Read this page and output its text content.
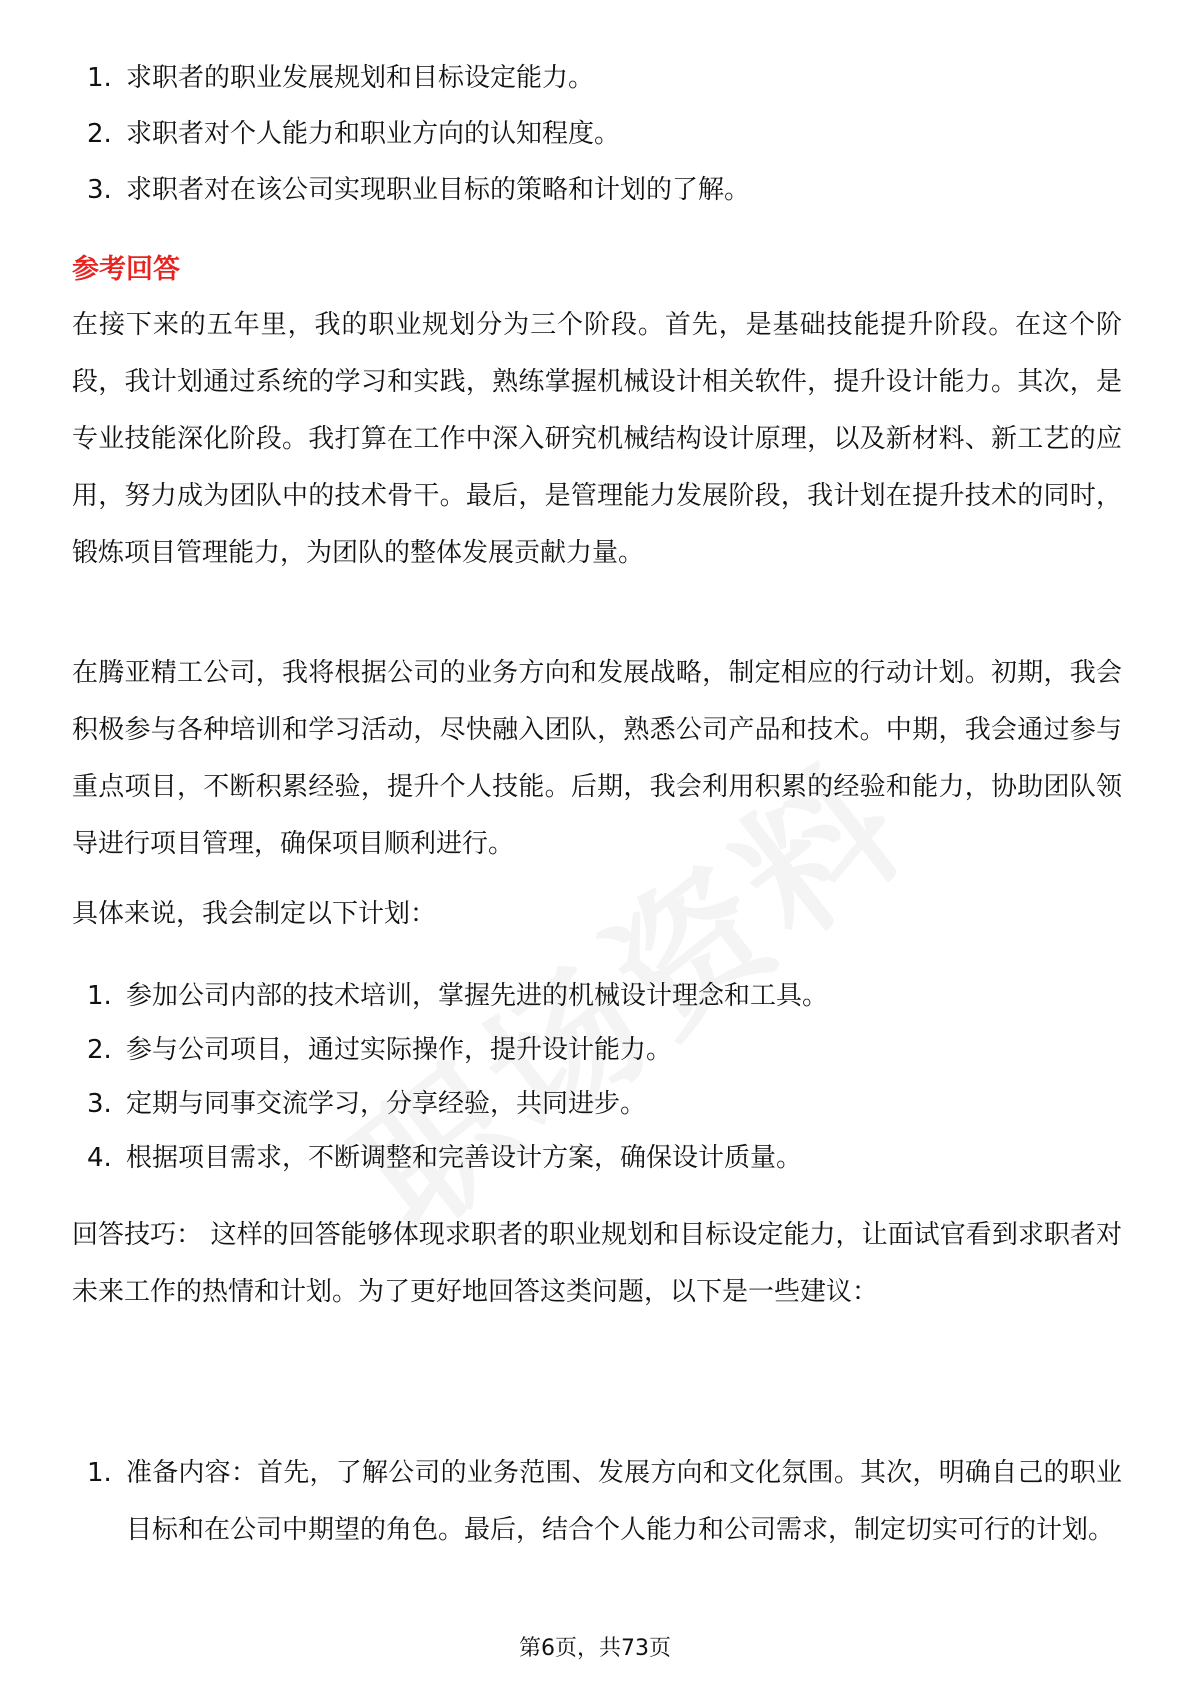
1. 求职者的职业发展规划和目标设定能力。
2. 求职者对个人能力和职业方向的认知程度。
3. 求职者对在该公司实现职业目标的策略和计划的了解。
参考回答

在接下来的五年里，我的职业规划分为三个阶段。首先，是基础技能提升阶段。在这个阶段，我计划通过系统的学习和实践，熟练掌握机械设计相关软件，提升设计能力。其次，是专业技能深化阶段。我打算在工作中深入研究机械结构设计原理，以及新材料、新工艺的应用，努力成为团队中的技术骨干。最后，是管理能力发展阶段，我计划在提升技术的同时，锻炼项目管理能力，为团队的整体发展贡献力量。

在腾亚精工公司，我将根据公司的业务方向和发展战略，制定相应的行动计划。初期，我会积极参与各种培训和学习活动，尽快融入团队，熟悉公司产品和技术。中期，我会通过参与重点项目，不断积累经验，提升个人技能。后期，我会利用积累的经验和能力，协助团队领导进行项目管理，确保项目顺利进行。

具体来说，我会制定以下计划：

1. 参加公司内部的技术培训，掌握先进的机械设计理念和工具。
2. 参与公司项目，通过实际操作，提升设计能力。
3. 定期与同事交流学习，分享经验，共同进步。
4. 根据项目需求，不断调整和完善设计方案，确保设计质量。

回答技巧： 这样的回答能够体现求职者的职业规划和目标设定能力，让面试官看到求职者对未来工作的热情和计划。为了更好地回答这类问题，以下是一些建议：

1. 准备内容：首先，了解公司的业务范围、发展方向和文化氛围。其次，明确自己的职业目标和在公司中期望的角色。最后，结合个人能力和公司需求，制定切实可行的计划。

第6页，共73页
